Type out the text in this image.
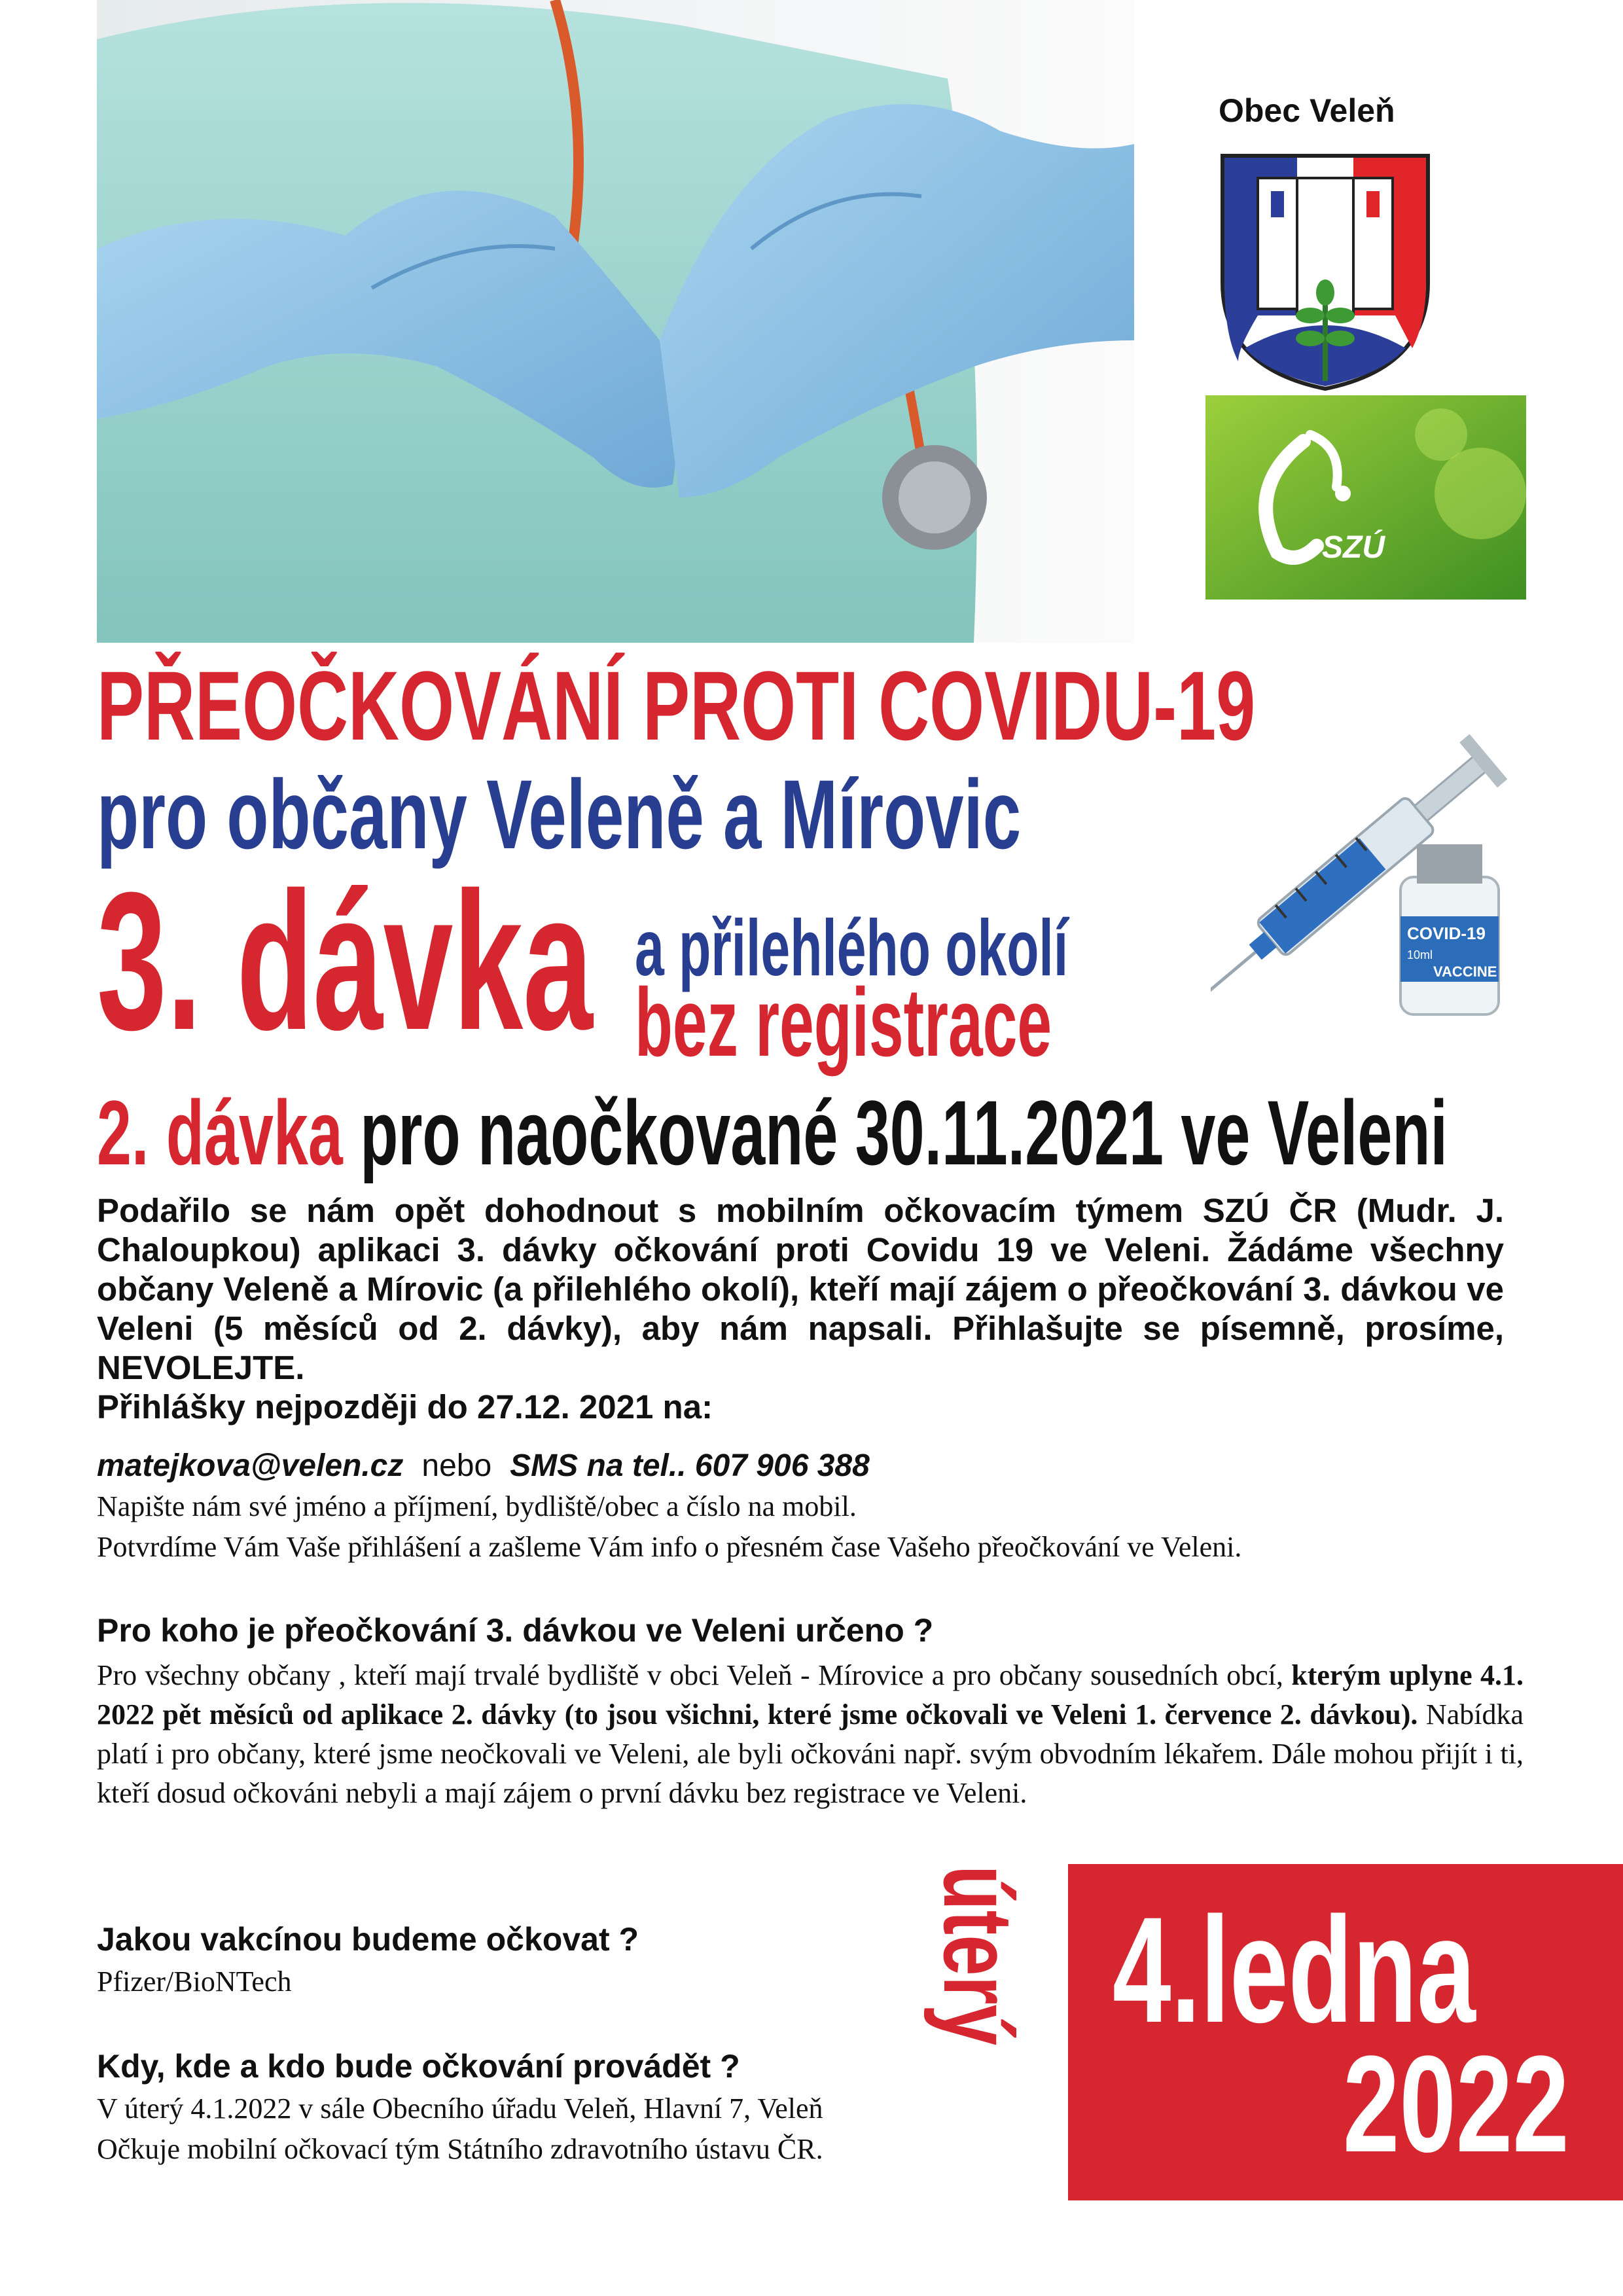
Obec Veleň
SZÚ
PŘEOČKOVÁNÍ PROTI COVIDU-19
pro občany Veleně a Mírovic
3. dávka a přilehlého okolí
bez registrace
2. dávka pro naočkované 30.11.2021 ve Veleni
COVID-19
10ml
VACCINE

Podařilo se nám opět dohodnout s mobilním očkovacím týmem SZÚ ČR (Mudr. J. Chaloupkou) aplikaci 3. dávky očkování proti Covidu 19 ve Veleni. Žádáme všechny občany Veleně a Mírovic (a přilehlého okolí), kteří mají zájem o přeočkování 3. dávkou ve Veleni (5 měsíců od 2. dávky), aby nám napsali. Přihlašujte se písemně, prosíme, NEVOLEJTE.

Přihlášky nejpozději do 27.12. 2021 na:

matejkova@velen.cz nebo SMS na tel.. 607 906 388
Napište nám své jméno a příjmení, bydliště/obec a číslo na mobil.
Potvrdíme Vám Vaše přihlášení a zašleme Vám info o přesném čase Vašeho přeočkování ve Veleni.
Pro koho je přeočkování 3. dávkou ve Veleni určeno ?
Pro všechny občany , kteří mají trvalé bydliště v obci Veleň - Mírovice a pro občany sousedních obcí, kterým uplyne 4.1. 2022 pět měsíců od aplikace 2. dávky (to jsou všichni, které jsme očkovali ve Veleni 1. července 2. dávkou). Nabídka platí i pro občany, které jsme neočkovali ve Veleni, ale byli očkováni např. svým obvodním lékařem. Dále mohou přijít i ti, kteří dosud očkováni nebyli a mají zájem o první dávku bez registrace ve Veleni.
Jakou vakcínou budeme očkovat ?
Pfizer/BioNTech
Kdy, kde a kdo bude očkování provádět ?
V úterý 4.1.2022 v sále Obecního úřadu Veleň, Hlavní 7, Veleň
Očkuje mobilní očkovací tým Státního zdravotního ústavu ČR.
úterý 4.ledna
2022
